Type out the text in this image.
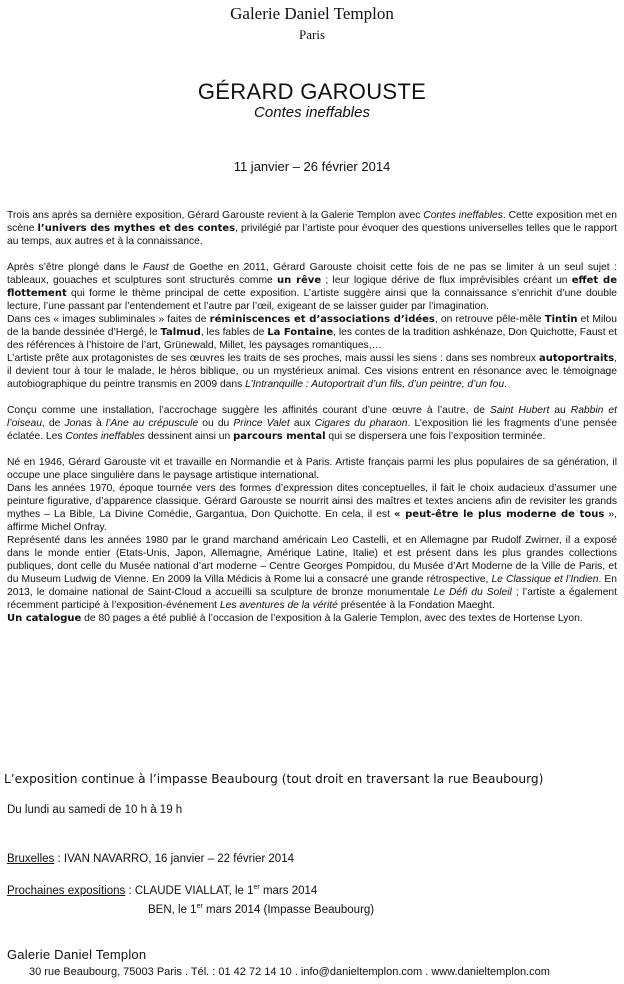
Galerie Daniel Templon
Paris
GÉRARD GAROUSTE
Contes ineffables
11 janvier – 26 février 2014

Trois ans après sa dernière exposition, Gérard Garouste revient à la Galerie Templon avec Contes ineffables. Cette exposition met en scène l’univers des mythes et des contes, privilégié par l’artiste pour évoquer des questions universelles telles que le rapport au temps, aux autres et à la connaissance.

Après s’être plongé dans le Faust de Goethe en 2011, Gérard Garouste choisit cette fois de ne pas se limiter à un seul sujet : tableaux, gouaches et sculptures sont structurés comme un rêve ; leur logique dérive de flux imprévisibles créant un effet de flottement qui forme le thème principal de cette exposition. L’artiste suggère ainsi que la connaissance s’enrichit d’une double lecture, l’une passant par l’entendement et l’autre par l’œil, exigeant de se laisser guider par l’imagination.

Dans ces « images subliminales » faites de réminiscences et d’associations d’idées, on retrouve pêle-mêle Tintin et Milou de la bande dessinée d’Hergé, le Talmud, les fables de La Fontaine, les contes de la tradition ashkénaze, Don Quichotte, Faust et des références à l’histoire de l’art, Grünewald, Millet, les paysages romantiques,…

L’artiste prête aux protagonistes de ses œuvres les traits de ses proches, mais aussi les siens : dans ses nombreux autoportraits, il devient tour à tour le malade, le héros biblique, ou un mystérieux animal. Ces visions entrent en résonance avec le témoignage autobiographique du peintre transmis en 2009 dans L’Intranquille : Autoportrait d’un fils, d’un peintre, d’un fou.

Conçu comme une installation, l’accrochage suggère les affinités courant d’une œuvre à l’autre, de Saint Hubert au Rabbin et l’oiseau, de Jonas à l’Ane au crépuscule ou du Prince Valet aux Cigares du pharaon. L’exposition lie les fragments d’une pensée éclatée. Les Contes ineffables dessinent ainsi un parcours mental qui se dispersera une fois l’exposition terminée.

Né en 1946, Gérard Garouste vit et travaille en Normandie et à Paris. Artiste français parmi les plus populaires de sa génération, il occupe une place singulière dans le paysage artistique international.

Dans les années 1970, époque tournée vers des formes d’expression dites conceptuelles, il fait le choix audacieux d’assumer une peinture figurative, d’apparence classique. Gérard Garouste se nourrit ainsi des maîtres et textes anciens afin de revisiter les grands mythes – La Bible, La Divine Comédie, Gargantua, Don Quichotte. En cela, il est « peut-être le plus moderne de tous », affirme Michel Onfray.

Représenté dans les années 1980 par le grand marchand américain Leo Castelli, et en Allemagne par Rudolf Zwirner, il a exposé dans le monde entier (Etats-Unis, Japon, Allemagne, Amérique Latine, Italie) et est présent dans les plus grandes collections publiques, dont celle du Musée national d’art moderne – Centre Georges Pompidou, du Musée d’Art Moderne de la Ville de Paris, et du Museum Ludwig de Vienne. En 2009 la Villa Médicis à Rome lui a consacré une grande rétrospective, Le Classique et l’Indien. En 2013, le domaine national de Saint-Cloud a accueilli sa sculpture de bronze monumentale Le Défi du Soleil ; l’artiste a également récemment participé à l’exposition-événement Les aventures de la vérité présentée à la Fondation Maeght.

Un catalogue de 80 pages a été publié à l’occasion de l’exposition à la Galerie Templon, avec des textes de Hortense Lyon.

L’exposition continue à l’impasse Beaubourg (tout droit en traversant la rue Beaubourg)
Du lundi au samedi de 10 h à 19 h
Bruxelles : IVAN NAVARRO, 16 janvier – 22 février 2014
Prochaines expositions : CLAUDE VIALLAT, le 1er mars 2014
BEN, le 1er mars 2014 (Impasse Beaubourg)
Galerie Daniel Templon
30 rue Beaubourg, 75003 Paris . Tél. : 01 42 72 14 10 . info@danieltemplon.com . www.danieltemplon.com
